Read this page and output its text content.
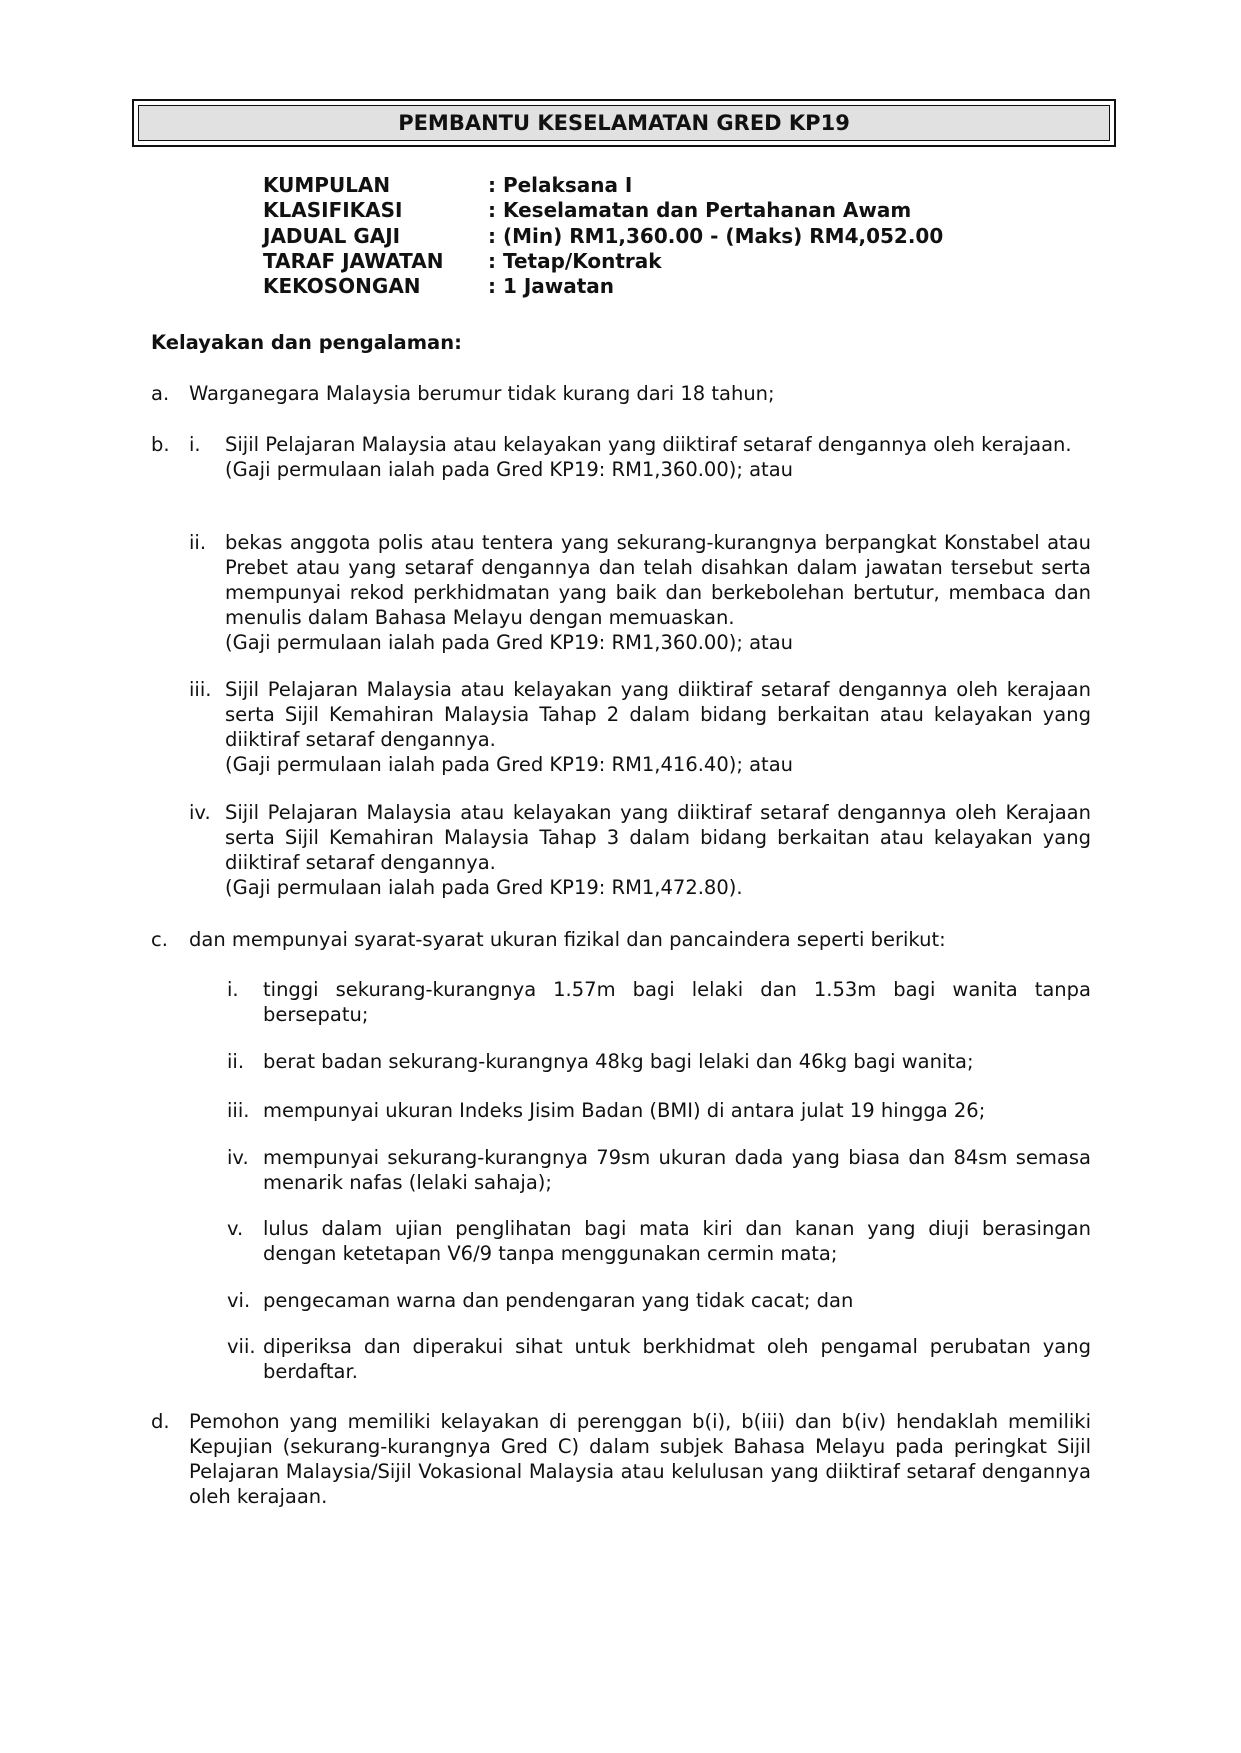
PEMBANTU KESELAMATAN GRED KP19
KUMPULAN	: Pelaksana I
KLASIFIKASI	: Keselamatan dan Pertahanan Awam
JADUAL GAJI	: (Min) RM1,360.00 - (Maks) RM4,052.00
TARAF JAWATAN	: Tetap/Kontrak
KEKOSONGAN	: 1 Jawatan
Kelayakan dan pengalaman:
a.	Warganegara Malaysia berumur tidak kurang dari 18 tahun;
b. i.	Sijil Pelajaran Malaysia atau kelayakan yang diiktiraf setaraf dengannya oleh kerajaan.

(Gaji permulaan ialah pada Gred KP19: RM1,360.00); atau

ii. bekas anggota polis atau tentera yang sekurang-kurangnya berpangkat Konstabel atau Prebet atau yang setaraf dengannya dan telah disahkan dalam jawatan tersebut serta mempunyai rekod perkhidmatan yang baik dan berkebolehan bertutur, membaca dan menulis dalam Bahasa Melayu dengan memuaskan.

(Gaji permulaan ialah pada Gred KP19: RM1,360.00); atau

iii. Sijil Pelajaran Malaysia atau kelayakan yang diiktiraf setaraf dengannya oleh kerajaan serta Sijil Kemahiran Malaysia Tahap 2 dalam bidang berkaitan atau kelayakan yang diiktiraf setaraf dengannya.

(Gaji permulaan ialah pada Gred KP19: RM1,416.40); atau

iv. Sijil Pelajaran Malaysia atau kelayakan yang diiktiraf setaraf dengannya oleh Kerajaan serta Sijil Kemahiran Malaysia Tahap 3 dalam bidang berkaitan atau kelayakan yang diiktiraf setaraf dengannya.

(Gaji permulaan ialah pada Gred KP19: RM1,472.80).

c.	dan mempunyai syarat-syarat ukuran fizikal dan pancaindera seperti berikut:
i.	tinggi sekurang-kurangnya 1.57m bagi lelaki dan 1.53m bagi wanita tanpa bersepatu;
ii. berat badan sekurang-kurangnya 48kg bagi lelaki dan 46kg bagi wanita;
iii. mempunyai ukuran Indeks Jisim Badan (BMI) di antara julat 19 hingga 26;
iv. mempunyai sekurang-kurangnya 79sm ukuran dada yang biasa dan 84sm semasa menarik nafas (lelaki sahaja);
v.	lulus dalam ujian penglihatan bagi mata kiri dan kanan yang diuji berasingan dengan ketetapan V6/9 tanpa menggunakan cermin mata;
vi. pengecaman warna dan pendengaran yang tidak cacat; dan
vii. diperiksa dan diperakui sihat untuk berkhidmat oleh pengamal perubatan yang berdaftar.
d. Pemohon yang memiliki kelayakan di perenggan b(i), b(iii) dan b(iv) hendaklah memiliki Kepujian (sekurang-kurangnya Gred C) dalam subjek Bahasa Melayu pada peringkat Sijil Pelajaran Malaysia/Sijil Vokasional Malaysia atau kelulusan yang diiktiraf setaraf dengannya oleh kerajaan.
